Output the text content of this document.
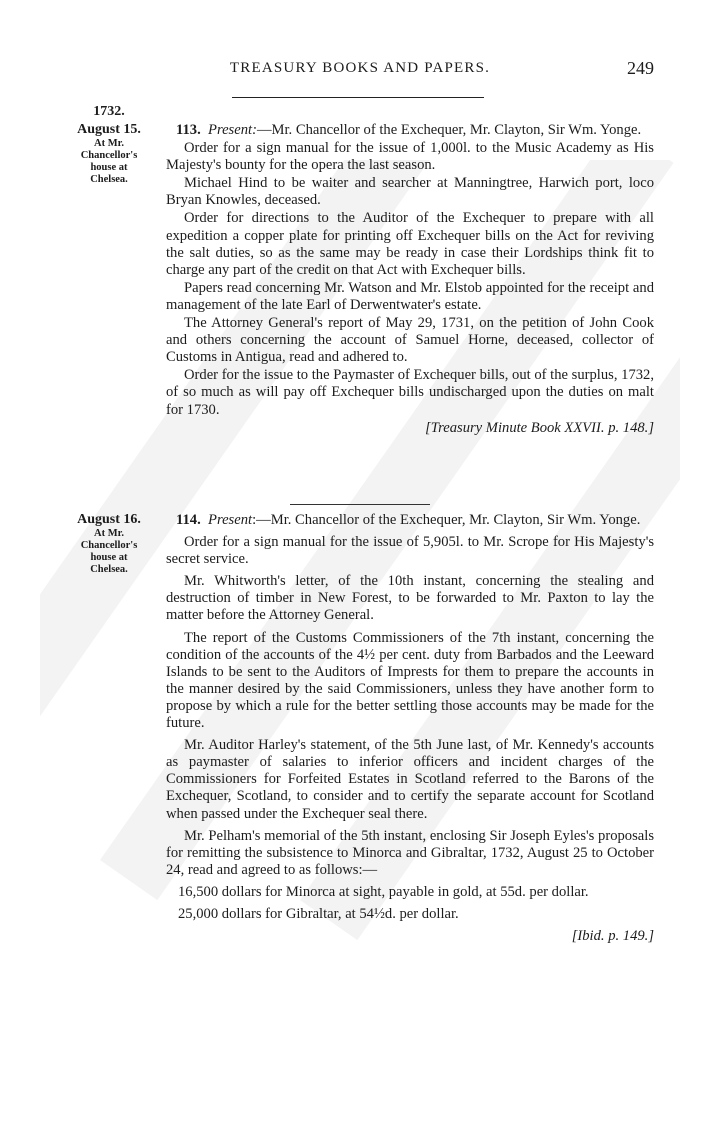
TREASURY BOOKS AND PAPERS.	249
1732.
August 15.
At Mr.
Chancellor's
house at
Chelsea.

113. Present:—Mr. Chancellor of the Exchequer, Mr. Clayton, Sir Wm. Yonge.

Order for a sign manual for the issue of 1,000l. to the Music Academy as His Majesty's bounty for the opera the last season.

Michael Hind to be waiter and searcher at Manningtree, Harwich port, loco Bryan Knowles, deceased.

Order for directions to the Auditor of the Exchequer to prepare with all expedition a copper plate for printing off Exchequer bills on the Act for reviving the salt duties, so as the same may be ready in case their Lordships think fit to charge any part of the credit on that Act with Exchequer bills.

Papers read concerning Mr. Watson and Mr. Elstob appointed for the receipt and management of the late Earl of Derwentwater's estate.

The Attorney General's report of May 29, 1731, on the petition of John Cook and others concerning the account of Samuel Horne, deceased, collector of Customs in Antigua, read and adhered to.

Order for the issue to the Paymaster of Exchequer bills, out of the surplus, 1732, of so much as will pay off Exchequer bills undischarged upon the duties on malt for 1730.

[Treasury Minute Book XXVII. p. 148.]

August 16.
At Mr.
Chancellor's
house at
Chelsea.

114. Present:—Mr. Chancellor of the Exchequer, Mr. Clayton, Sir Wm. Yonge.

Order for a sign manual for the issue of 5,905l. to Mr. Scrope for His Majesty's secret service.

Mr. Whitworth's letter, of the 10th instant, concerning the stealing and destruction of timber in New Forest, to be forwarded to Mr. Paxton to lay the matter before the Attorney General.

The report of the Customs Commissioners of the 7th instant, concerning the condition of the accounts of the 4½ per cent. duty from Barbados and the Leeward Islands to be sent to the Auditors of Imprests for them to prepare the accounts in the manner desired by the said Commissioners, unless they have another form to propose by which a rule for the better settling those accounts may be made for the future.

Mr. Auditor Harley's statement, of the 5th June last, of Mr. Kennedy's accounts as paymaster of salaries to inferior officers and incident charges of the Commissioners for Forfeited Estates in Scotland referred to the Barons of the Exchequer, Scotland, to consider and to certify the separate account for Scotland when passed under the Exchequer seal there.

Mr. Pelham's memorial of the 5th instant, enclosing Sir Joseph Eyles's proposals for remitting the subsistence to Minorca and Gibraltar, 1732, August 25 to October 24, read and agreed to as follows:—

16,500 dollars for Minorca at sight, payable in gold, at 55d. per dollar.

25,000 dollars for Gibraltar, at 54½d. per dollar.

[Ibid. p. 149.]
